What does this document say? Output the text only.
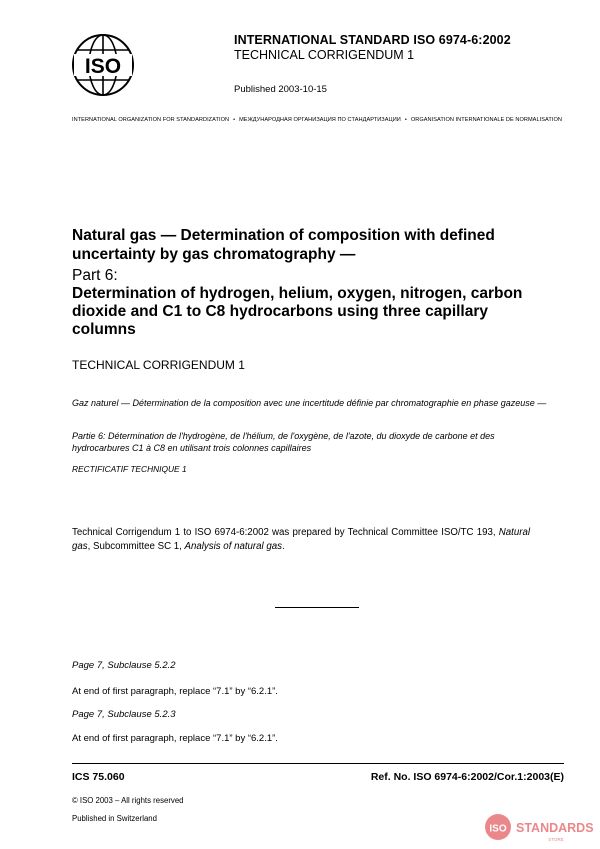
ISO
INTERNATIONAL STANDARD ISO 6974-6:2002
TECHNICAL CORRIGENDUM 1
Published 2003-10-15
INTERNATIONAL ORGANIZATION FOR STANDARDIZATION • МЕЖДУНАРОДНАЯ ОРГАНИЗАЦИЯ ПО СТАНДАРТИЗАЦИИ • ORGANISATION INTERNATIONALE DE NORMALISATION
Natural gas — Determination of composition with defined uncertainty by gas chromatography —
Part 6:
Determination of hydrogen, helium, oxygen, nitrogen, carbon dioxide and C1 to C8 hydrocarbons using three capillary columns
TECHNICAL CORRIGENDUM 1
Gaz naturel — Détermination de la composition avec une incertitude définie par chromatographie en phase gazeuse —
Partie 6: Détermination de l'hydrogène, de l'hélium, de l'oxygène, de l'azote, du dioxyde de carbone et des hydrocarbures C1 à C8 en utilisant trois colonnes capillaires
RECTIFICATIF TECHNIQUE 1
Technical Corrigendum 1 to ISO 6974-6:2002 was prepared by Technical Committee ISO/TC 193, Natural gas, Subcommittee SC 1, Analysis of natural gas.
Page 7, Subclause 5.2.2
At end of first paragraph, replace “7.1” by “6.2.1”.
Page 7, Subclause 5.2.3
At end of first paragraph, replace “7.1” by “6.2.1”.
ICS 75.060	Ref. No. ISO 6974-6:2002/Cor.1:2003(E)
© ISO 2003 – All rights reserved
Published in Switzerland
ISO STANDARDS
STORE
